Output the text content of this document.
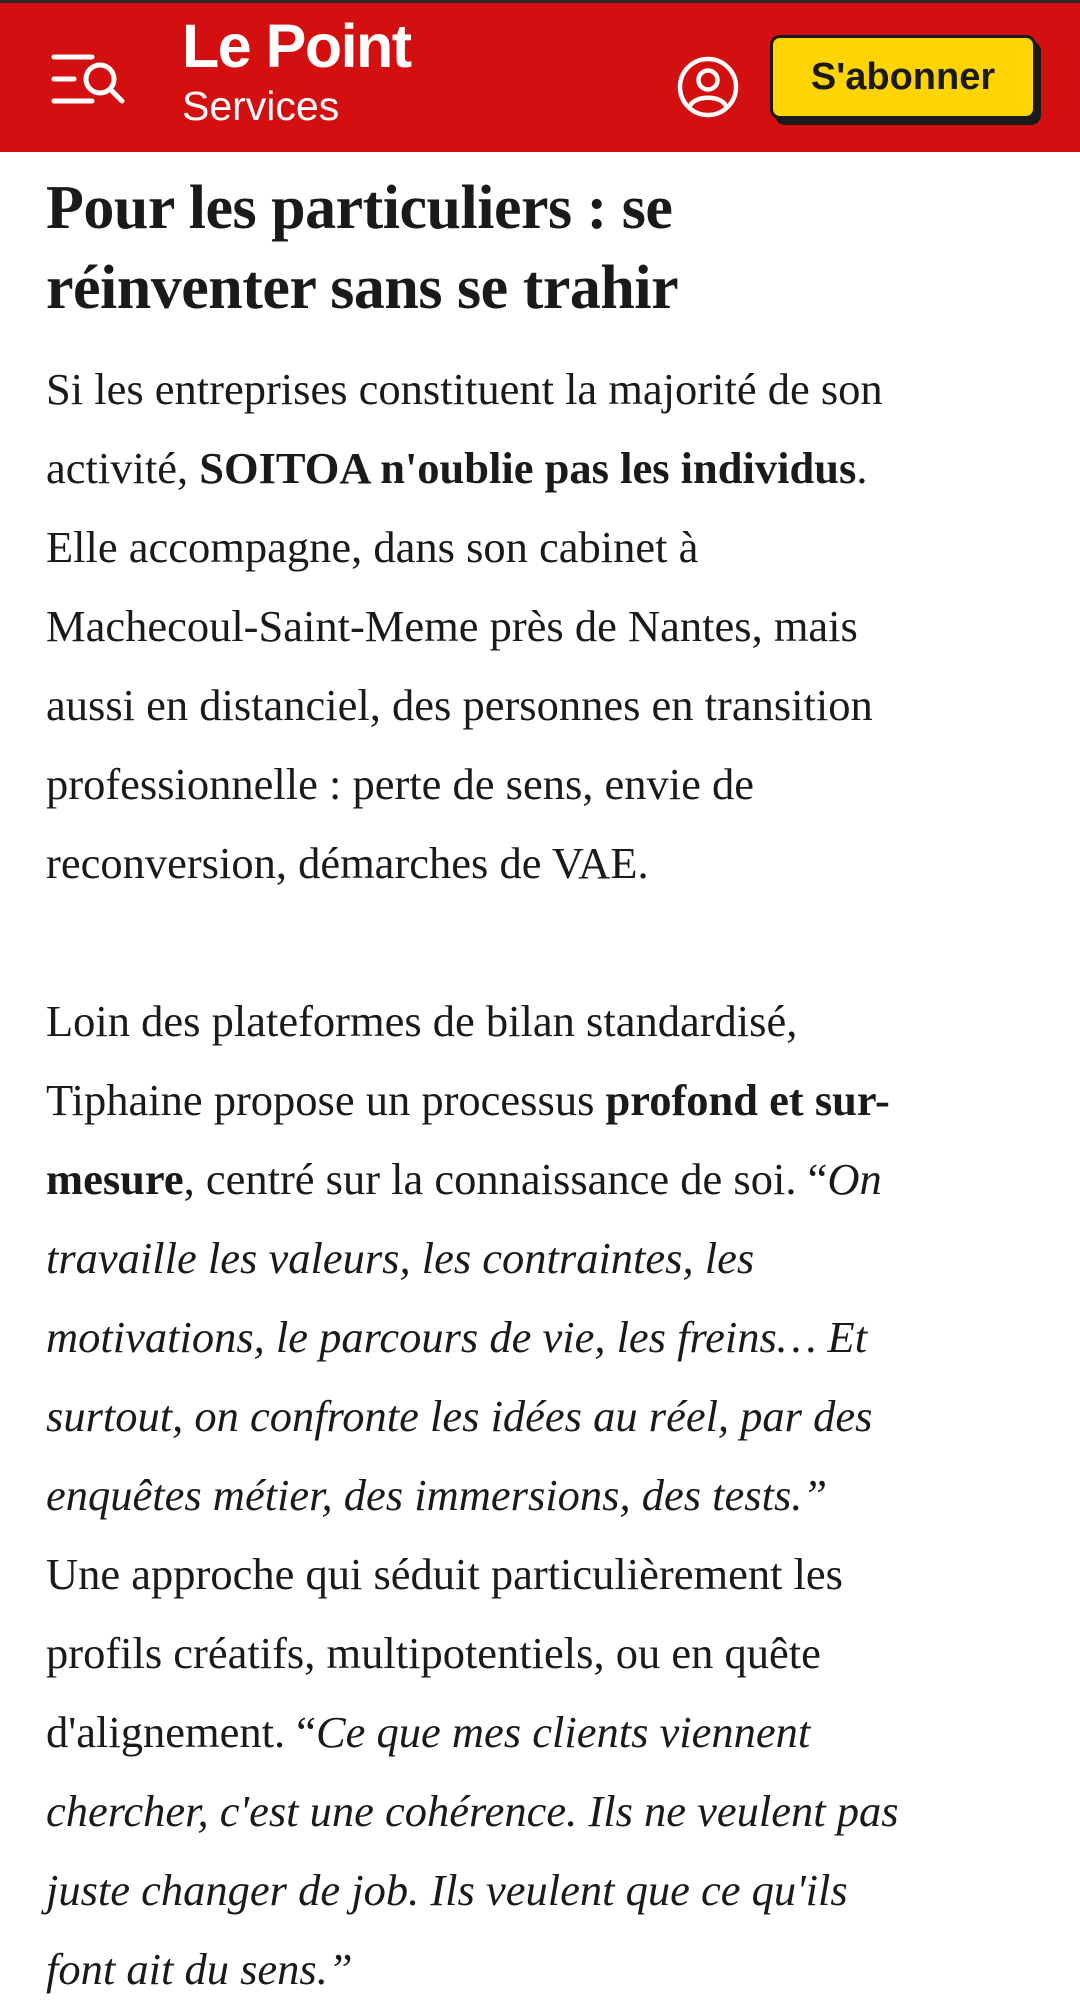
Le Point
Services
S'abonner
Pour les particuliers : se
réinventer sans se trahir

Si les entreprises constituent la majorité de son
activité, SOITOA n'oublie pas les individus.
Elle accompagne, dans son cabinet à
Machecoul-Saint-Meme près de Nantes, mais
aussi en distanciel, des personnes en transition
professionnelle : perte de sens, envie de
reconversion, démarches de VAE.

Loin des plateformes de bilan standardisé,
Tiphaine propose un processus profond et sur-
mesure, centré sur la connaissance de soi. “On
travaille les valeurs, les contraintes, les
motivations, le parcours de vie, les freins… Et
surtout, on confronte les idées au réel, par des
enquêtes métier, des immersions, des tests.”
Une approche qui séduit particulièrement les
profils créatifs, multipotentiels, ou en quête
d'alignement. “Ce que mes clients viennent
chercher, c'est une cohérence. Ils ne veulent pas
juste changer de job. Ils veulent que ce qu'ils
font ait du sens.”
